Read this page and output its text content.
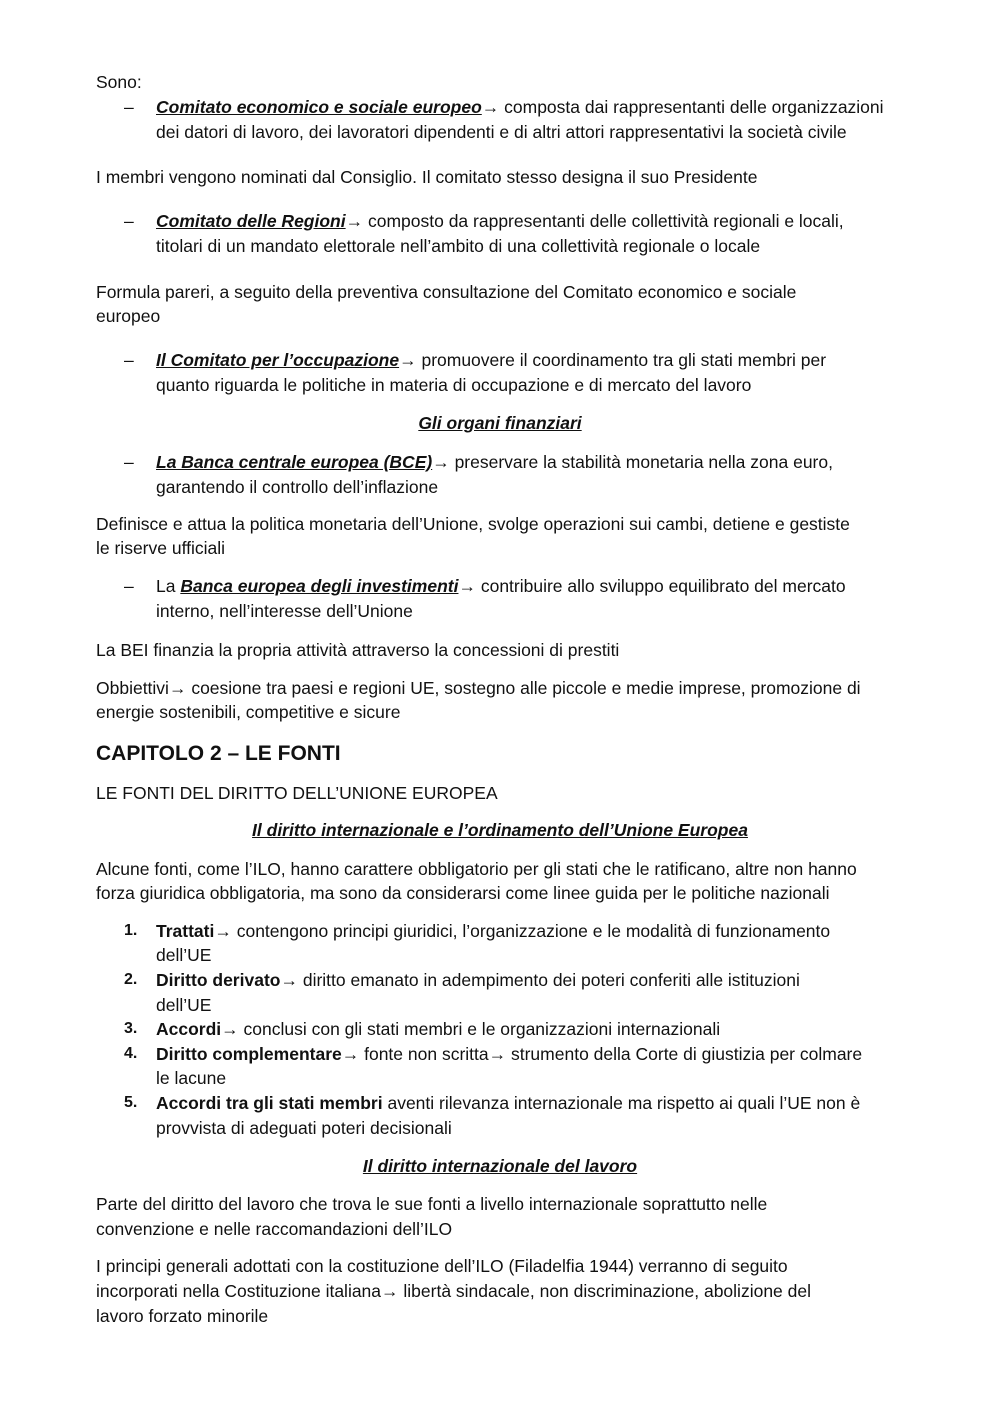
Sono:

– Comitato economico e sociale europeo→ composta dai rappresentanti delle organizzazioni

dei datori di lavoro, dei lavoratori dipendenti e di altri attori rappresentativi la società civile

I membri vengono nominati dal Consiglio. Il comitato stesso designa il suo Presidente

– Comitato delle Regioni→ composto da rappresentanti delle collettività regionali e locali,

titolari di un mandato elettorale nell’ambito di una collettività regionale o locale

Formula pareri, a seguito della preventiva consultazione del Comitato economico e sociale

europeo

– Il Comitato per l’occupazione→ promuovere il coordinamento tra gli stati membri per

quanto riguarda le politiche in materia di occupazione e di mercato del lavoro

Gli organi finanziari

– La Banca centrale europea (BCE)→ preservare la stabilità monetaria nella zona euro,

garantendo il controllo dell’inflazione

Definisce e attua la politica monetaria dell’Unione, svolge operazioni sui cambi, detiene e gestiste

le riserve ufficiali

– La Banca europea degli investimenti→ contribuire allo sviluppo equilibrato del mercato

interno, nell’interesse dell’Unione

La BEI finanzia la propria attività attraverso la concessioni di prestiti

Obbiettivi→ coesione tra paesi e regioni UE, sostegno alle piccole e medie imprese, promozione di

energie sostenibili, competitive e sicure

CAPITOLO 2 – LE FONTI

LE FONTI DEL DIRITTO DELL’UNIONE EUROPEA

Il diritto internazionale e l’ordinamento dell’Unione Europea

Alcune fonti, come l’ILO, hanno carattere obbligatorio per gli stati che le ratificano, altre non hanno

forza giuridica obbligatoria, ma sono da considerarsi come linee guida per le politiche nazionali

1. Trattati→ contengono principi giuridici, l’organizzazione e le modalità di funzionamento

dell’UE

2. Diritto derivato→ diritto emanato in adempimento dei poteri conferiti alle istituzioni

dell’UE

3. Accordi→ conclusi con gli stati membri e le organizzazioni internazionali

4. Diritto complementare→ fonte non scritta→ strumento della Corte di giustizia per colmare

le lacune

5. Accordi tra gli stati membri aventi rilevanza internazionale ma rispetto ai quali l’UE non è

provvista di adeguati poteri decisionali

Il diritto internazionale del lavoro

Parte del diritto del lavoro che trova le sue fonti a livello internazionale soprattutto nelle

convenzione e nelle raccomandazioni dell’ILO

I principi generali adottati con la costituzione dell’ILO (Filadelfia 1944) verranno di seguito

incorporati nella Costituzione italiana→ libertà sindacale, non discriminazione, abolizione del

lavoro forzato minorile
